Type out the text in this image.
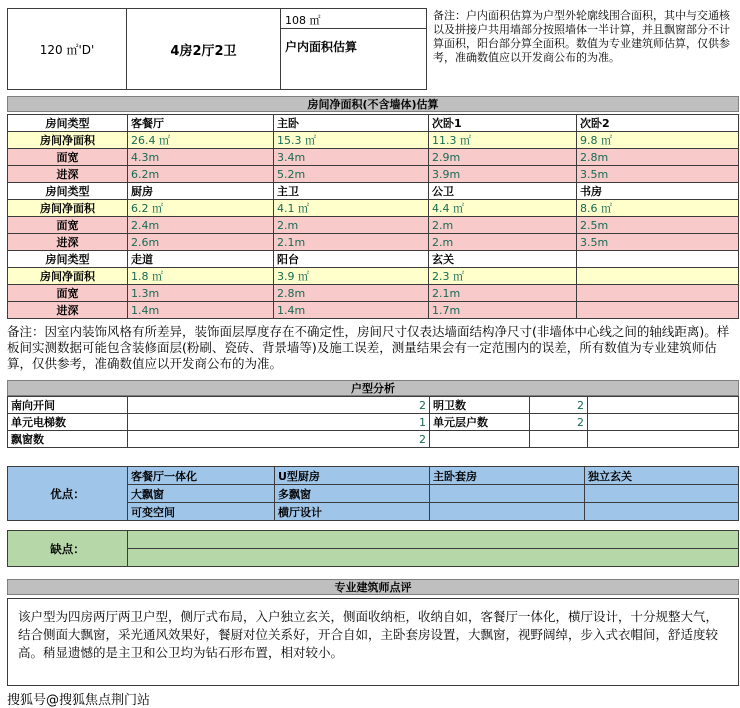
120 ㎡'D'	4房2厅2卫
108 ㎡
户内面积估算
备注：户内面积估算为户型外轮廓线围合面积，其中与交通核以及拼接户共用墙部分按照墙体一半计算，并且飘窗部分不计算面积，阳台部分算全面积。数值为专业建筑师估算，仅供参考，准确数值应以开发商公布的为准。
房间净面积(不含墙体)估算
房间类型	客餐厅	主卧	次卧1	次卧2
房间净面积	26.4 ㎡	15.3 ㎡	11.3 ㎡	9.8 ㎡
面宽	4.3m	3.4m	2.9m	2.8m
进深	6.2m	5.2m	3.9m	3.5m
房间类型	厨房	主卫	公卫	书房
房间净面积	6.2 ㎡	4.1 ㎡	4.4 ㎡	8.6 ㎡
面宽	2.4m	2.m	2.m	2.5m
进深	2.6m	2.1m	2.m	3.5m
房间类型	走道	阳台	玄关	
房间净面积	1.8 ㎡	3.9 ㎡	2.3 ㎡	
面宽	1.3m	2.8m	2.1m	
进深	1.4m	1.4m	1.7m	
备注：因室内装饰风格有所差异，装饰面层厚度存在不确定性，房间尺寸仅表达墙面结构净尺寸(非墙体中心线之间的轴线距离)。样板间实测数据可能包含装修面层(粉刷、瓷砖、背景墙等)及施工误差，测量结果会有一定范围内的误差，所有数值为专业建筑师估算，仅供参考，准确数值应以开发商公布的为准。
户型分析
南向开间	2	明卫数	2	
单元电梯数	1	单元层户数	2	
飘窗数	2			
优点：	客餐厅一体化	U型厨房	主卧套房	独立玄关
	大飘窗	多飘窗		
	可变空间	横厅设计		
缺点：	

专业建筑师点评
该户型为四房两厅两卫户型，侧厅式布局，入户独立玄关，侧面收纳柜，收纳自如，客餐厅一体化，横厅设计，十分规整大气，结合侧面大飘窗，采光通风效果好，餐厨对位关系好，开合自如，主卧套房设置，大飘窗，视野阔绰，步入式衣帽间，舒适度较高。稍显遗憾的是主卫和公卫均为钻石形布置，相对较小。
搜狐号@搜狐焦点荆门站
